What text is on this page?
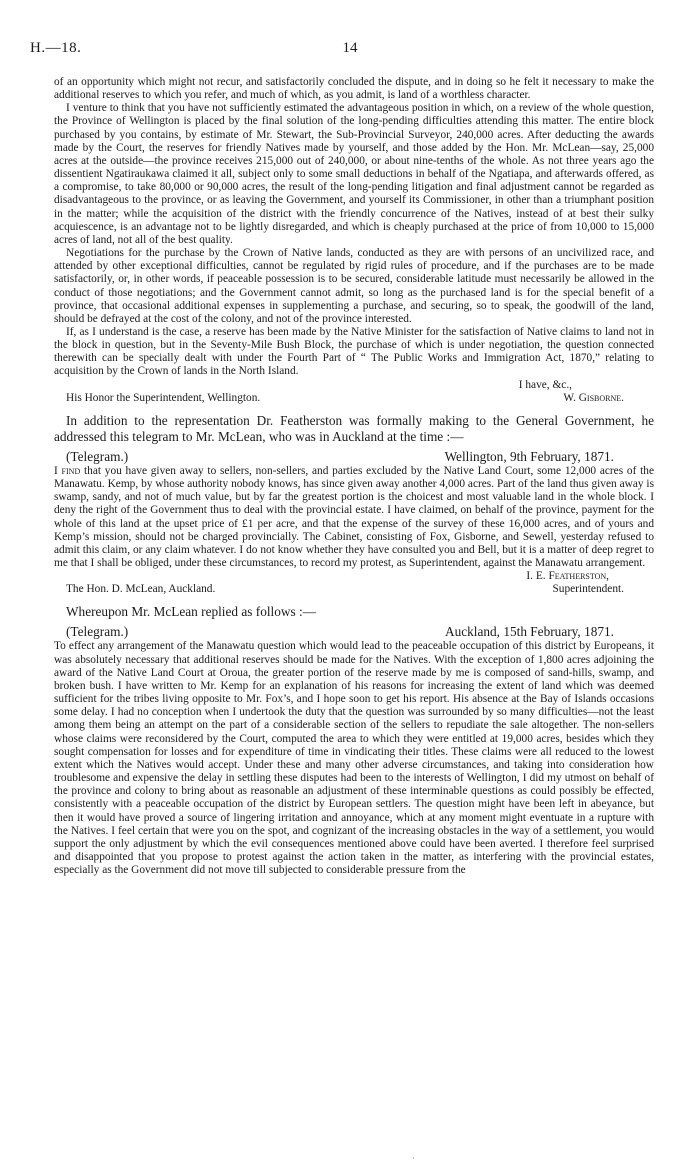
H.—18.	14

of an opportunity which might not recur, and satisfactorily concluded the dispute, and in doing so he felt it necessary to make the additional reserves to which you refer, and much of which, as you admit, is land of a worthless character.

I venture to think that you have not sufficiently estimated the advantageous position in which, on a review of the whole question, the Province of Wellington is placed by the final solution of the long-pending difficulties attending this matter. The entire block purchased by you contains, by estimate of Mr. Stewart, the Sub-Provincial Surveyor, 240,000 acres. After deducting the awards made by the Court, the reserves for friendly Natives made by yourself, and those added by the Hon. Mr. McLean—say, 25,000 acres at the outside—the province receives 215,000 out of 240,000, or about nine-tenths of the whole. As not three years ago the dissentient Ngatiraukawa claimed it all, subject only to some small deductions in behalf of the Ngatiapa, and afterwards offered, as a compromise, to take 80,000 or 90,000 acres, the result of the long-pending litigation and final adjustment cannot be regarded as disadvantageous to the province, or as leaving the Government, and yourself its Commissioner, in other than a triumphant position in the matter; while the acquisition of the district with the friendly concurrence of the Natives, instead of at best their sulky acquiescence, is an advantage not to be lightly disregarded, and which is cheaply purchased at the price of from 10,000 to 15,000 acres of land, not all of the best quality.

Negotiations for the purchase by the Crown of Native lands, conducted as they are with persons of an uncivilized race, and attended by other exceptional difficulties, cannot be regulated by rigid rules of procedure, and if the purchases are to be made satisfactorily, or, in other words, if peaceable possession is to be secured, considerable latitude must necessarily be allowed in the conduct of those negotiations; and the Government cannot admit, so long as the purchased land is for the special benefit of a province, that occasional additional expenses in supplementing a purchase, and securing, so to speak, the goodwill of the land, should be defrayed at the cost of the colony, and not of the province interested.

If, as I understand is the case, a reserve has been made by the Native Minister for the satisfaction of Native claims to land not in the block in question, but in the Seventy-Mile Bush Block, the purchase of which is under negotiation, the question connected therewith can be specially dealt with under the Fourth Part of “ The Public Works and Immigration Act, 1870,” relating to acquisition by the Crown of lands in the North Island.

I have, &c.,

His Honor the Superintendent, Wellington.	W. Gisborne.

In addition to the representation Dr. Featherston was formally making to the General Government, he addressed this telegram to Mr. McLean, who was in Auckland at the time :—

(Telegram.)	Wellington, 9th February, 1871.

I find that you have given away to sellers, non-sellers, and parties excluded by the Native Land Court, some 12,000 acres of the Manawatu. Kemp, by whose authority nobody knows, has since given away another 4,000 acres. Part of the land thus given away is swamp, sandy, and not of much value, but by far the greatest portion is the choicest and most valuable land in the whole block. I deny the right of the Government thus to deal with the provincial estate. I have claimed, on behalf of the province, payment for the whole of this land at the upset price of £1 per acre, and that the expense of the survey of these 16,000 acres, and of yours and Kemp’s mission, should not be charged provincially. The Cabinet, consisting of Fox, Gisborne, and Sewell, yesterday refused to admit this claim, or any claim whatever. I do not know whether they have consulted you and Bell, but it is a matter of deep regret to me that I shall be obliged, under these circumstances, to record my protest, as Superintendent, against the Manawatu arrangement.

I. E. Featherston,

The Hon. D. McLean, Auckland.	Superintendent.

Whereupon Mr. McLean replied as follows :—

(Telegram.)	Auckland, 15th February, 1871.

To effect any arrangement of the Manawatu question which would lead to the peaceable occupation of this district by Europeans, it was absolutely necessary that additional reserves should be made for the Natives. With the exception of 1,800 acres adjoining the award of the Native Land Court at Oroua, the greater portion of the reserve made by me is composed of sand-hills, swamp, and broken bush. I have written to Mr. Kemp for an explanation of his reasons for increasing the extent of land which was deemed sufficient for the tribes living opposite to Mr. Fox’s, and I hope soon to get his report. His absence at the Bay of Islands occasions some delay. I had no conception when I undertook the duty that the question was surrounded by so many difficulties—not the least among them being an attempt on the part of a considerable section of the sellers to repudiate the sale altogether. The non-sellers whose claims were reconsidered by the Court, computed the area to which they were entitled at 19,000 acres, besides which they sought compensation for losses and for expenditure of time in vindicating their titles. These claims were all reduced to the lowest extent which the Natives would accept. Under these and many other adverse circumstances, and taking into consideration how troublesome and expensive the delay in settling these disputes had been to the interests of Wellington, I did my utmost on behalf of the province and colony to bring about as reasonable an adjustment of these interminable questions as could possibly be effected, consistently with a peaceable occupation of the district by European settlers. The question might have been left in abeyance, but then it would have proved a source of lingering irritation and annoyance, which at any moment might eventuate in a rupture with the Natives. I feel certain that were you on the spot, and cognizant of the increasing obstacles in the way of a settlement, you would support the only adjustment by which the evil consequences mentioned above could have been averted. I therefore feel surprised and disappointed that you propose to protest against the action taken in the matter, as interfering with the provincial estates, especially as the Government did not move till subjected to considerable pressure from the

·
